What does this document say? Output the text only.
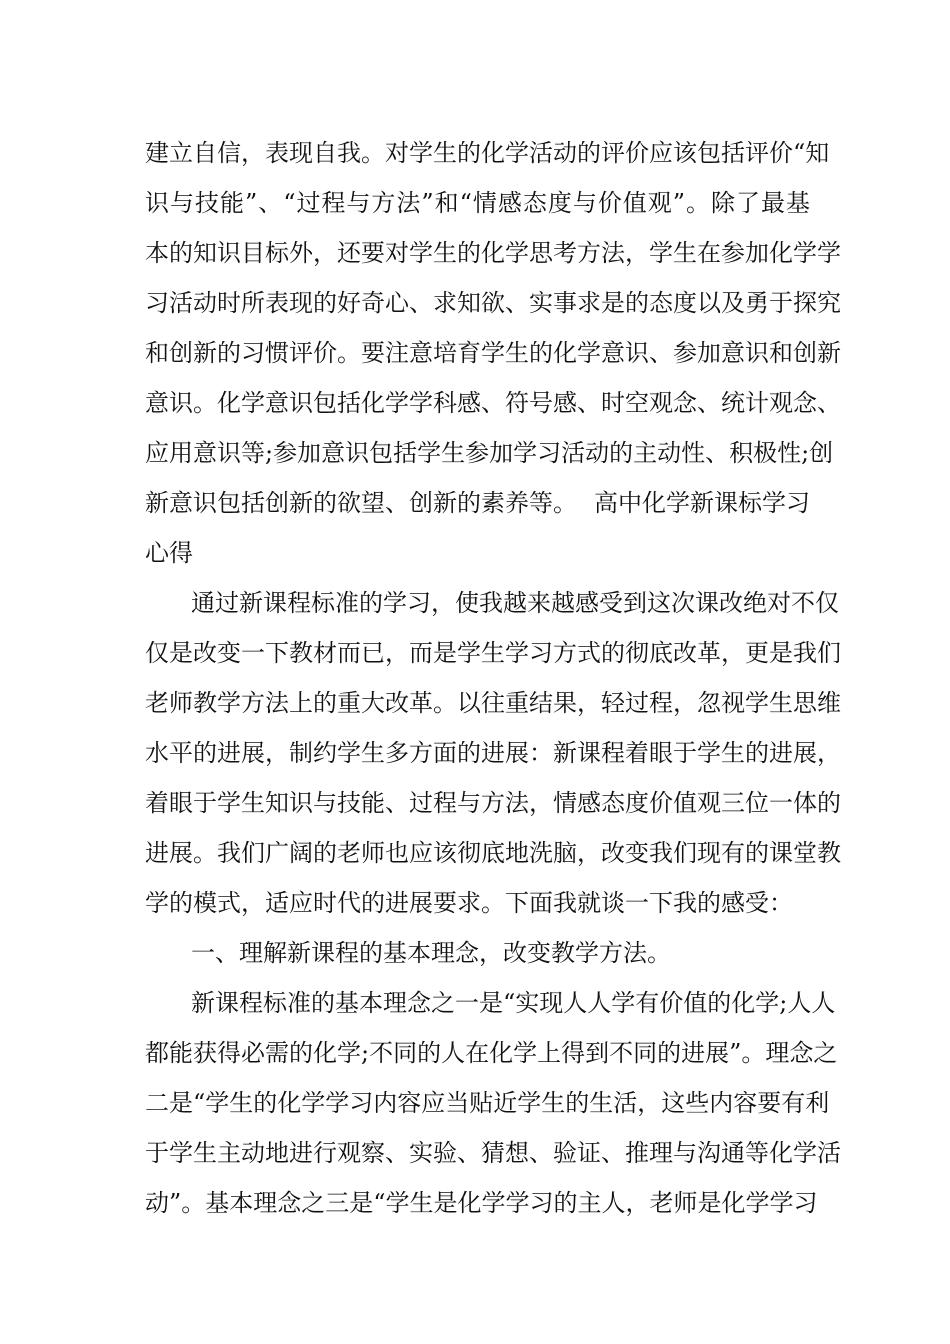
建立自信，表现自我。对学生的化学活动的评价应该包括评价“知
识与技能”、“过程与方法”和“情感态度与价值观”。除了最基
本的知识目标外，还要对学生的化学思考方法，学生在参加化学学
习活动时所表现的好奇心、求知欲、实事求是的态度以及勇于探究
和创新的习惯评价。要注意培育学生的化学意识、参加意识和创新
意识。化学意识包括化学学科感、符号感、时空观念、统计观念、
应用意识等;参加意识包括学生参加学习活动的主动性、积极性;创
新意识包括创新的欲望、创新的素养等。 高中化学新课标学习
心得
通过新课程标准的学习，使我越来越感受到这次课改绝对不仅
仅是改变一下教材而已，而是学生学习方式的彻底改革，更是我们
老师教学方法上的重大改革。以往重结果，轻过程，忽视学生思维
水平的进展，制约学生多方面的进展：新课程着眼于学生的进展，
着眼于学生知识与技能、过程与方法，情感态度价值观三位一体的
进展。我们广阔的老师也应该彻底地洗脑，改变我们现有的课堂教
学的模式，适应时代的进展要求。下面我就谈一下我的感受：
一、理解新课程的基本理念，改变教学方法。
新课程标准的基本理念之一是“实现人人学有价值的化学;人人
都能获得必需的化学;不同的人在化学上得到不同的进展”。理念之
二是“学生的化学学习内容应当贴近学生的生活，这些内容要有利
于学生主动地进行观察、实验、猜想、验证、推理与沟通等化学活
动”。基本理念之三是“学生是化学学习的主人，老师是化学学习
